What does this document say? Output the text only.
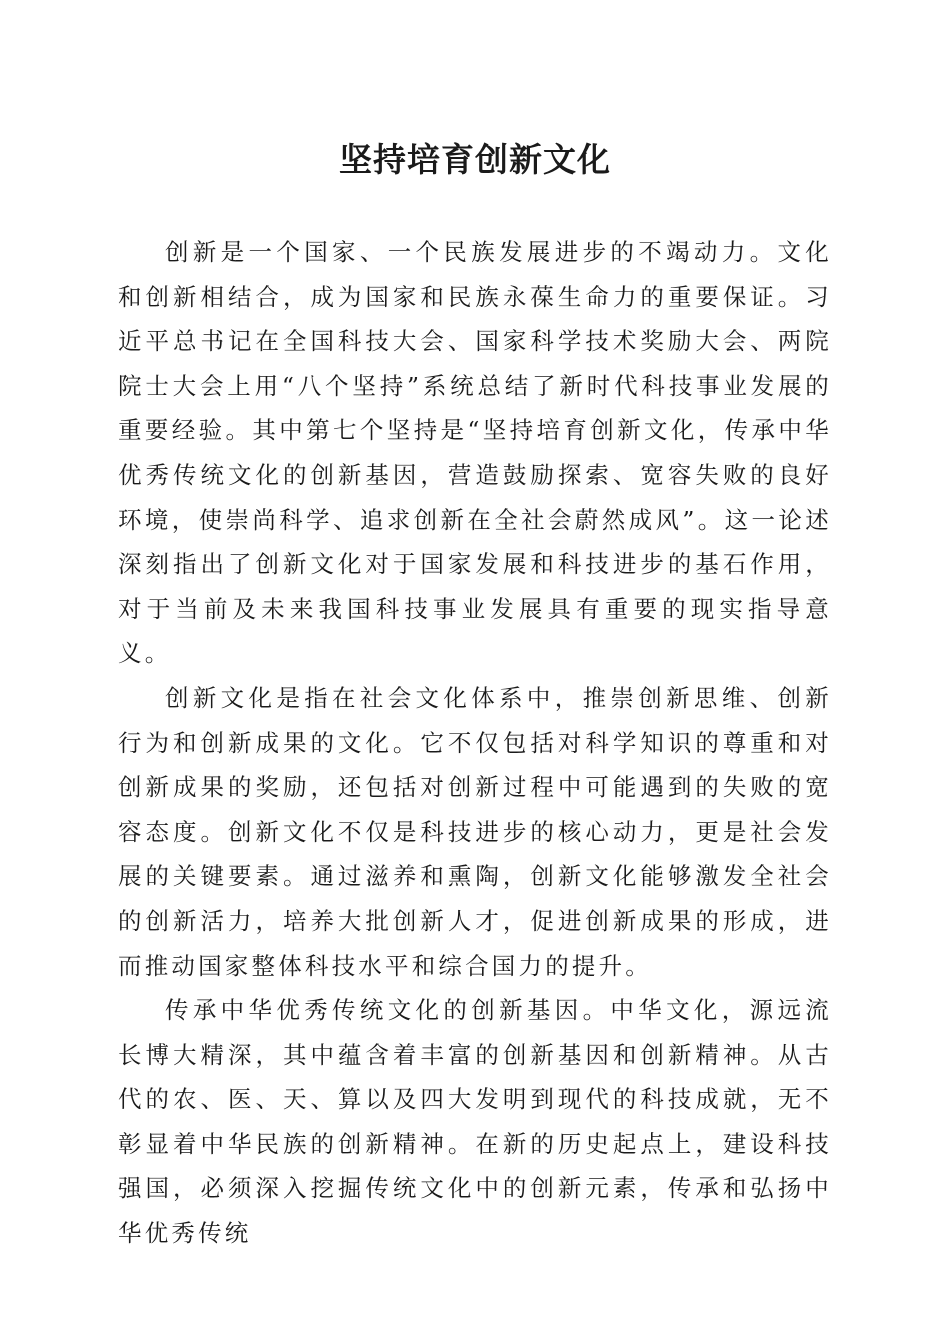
坚持培育创新文化

创新是一个国家、一个民族发展进步的不竭动力。文化和创新相结合，成为国家和民族永葆生命力的重要保证。习近平总书记在全国科技大会、国家科学技术奖励大会、两院院士大会上用“八个坚持”系统总结了新时代科技事业发展的重要经验。其中第七个坚持是“坚持培育创新文化，传承中华优秀传统文化的创新基因，营造鼓励探索、宽容失败的良好环境，使崇尚科学、追求创新在全社会蔚然成风”。这一论述深刻指出了创新文化对于国家发展和科技进步的基石作用，对于当前及未来我国科技事业发展具有重要的现实指导意义。

创新文化是指在社会文化体系中，推崇创新思维、创新行为和创新成果的文化。它不仅包括对科学知识的尊重和对创新成果的奖励，还包括对创新过程中可能遇到的失败的宽容态度。创新文化不仅是科技进步的核心动力，更是社会发展的关键要素。通过滋养和熏陶，创新文化能够激发全社会的创新活力，培养大批创新人才，促进创新成果的形成，进而推动国家整体科技水平和综合国力的提升。

传承中华优秀传统文化的创新基因。中华文化，源远流长博大精深，其中蕴含着丰富的创新基因和创新精神。从古代的农、医、天、算以及四大发明到现代的科技成就，无不彰显着中华民族的创新精神。在新的历史起点上，建设科技强国，必须深入挖掘传统文化中的创新元素，传承和弘扬中华优秀传统
